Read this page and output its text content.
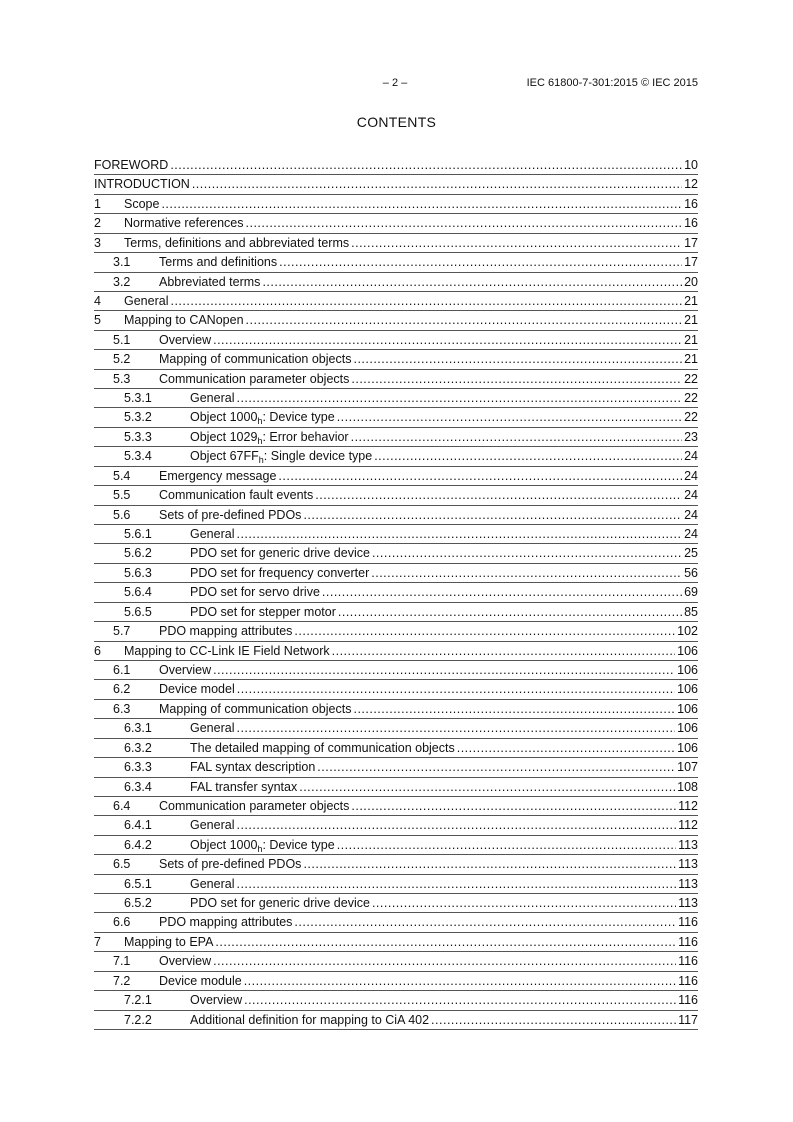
– 2 –	IEC 61800-7-301:2015 © IEC 2015
CONTENTS
FOREWORD .....	10
INTRODUCTION .....	12
1	Scope .....	16
2	Normative references .....	16
3	Terms, definitions and abbreviated terms .....	17
3.1	Terms and definitions .....	17
3.2	Abbreviated terms .....	20
4	General .....	21
5	Mapping to CANopen .....	21
5.1	Overview .....	21
5.2	Mapping of communication objects .....	21
5.3	Communication parameter objects .....	22
5.3.1	General .....	22
5.3.2	Object $1000_h$: Device type .....	22
5.3.3	Object $1029_h$: Error behavior .....	23
5.3.4	Object $67FF_h$: Single device type .....	24
5.4	Emergency message .....	24
5.5	Communication fault events .....	24
5.6	Sets of pre-defined PDOs .....	24
5.6.1	General .....	24
5.6.2	PDO set for generic drive device .....	25
5.6.3	PDO set for frequency converter .....	56
5.6.4	PDO set for servo drive .....	69
5.6.5	PDO set for stepper motor .....	85
5.7	PDO mapping attributes .....	102
6	Mapping to CC-Link IE Field Network .....	106
6.1	Overview .....	106
6.2	Device model .....	106
6.3	Mapping of communication objects .....	106
6.3.1	General .....	106
6.3.2	The detailed mapping of communication objects .....	106
6.3.3	FAL syntax description .....	107
6.3.4	FAL transfer syntax .....	108
6.4	Communication parameter objects .....	112
6.4.1	General .....	112
6.4.2	Object $1000_h$: Device type .....	113
6.5	Sets of pre-defined PDOs .....	113
6.5.1	General .....	113
6.5.2	PDO set for generic drive device .....	113
6.6	PDO mapping attributes .....	116
7	Mapping to EPA .....	116
7.1	Overview .....	116
7.2	Device module .....	116
7.2.1	Overview .....	116
7.2.2	Additional definition for mapping to CiA 402 .....	117
